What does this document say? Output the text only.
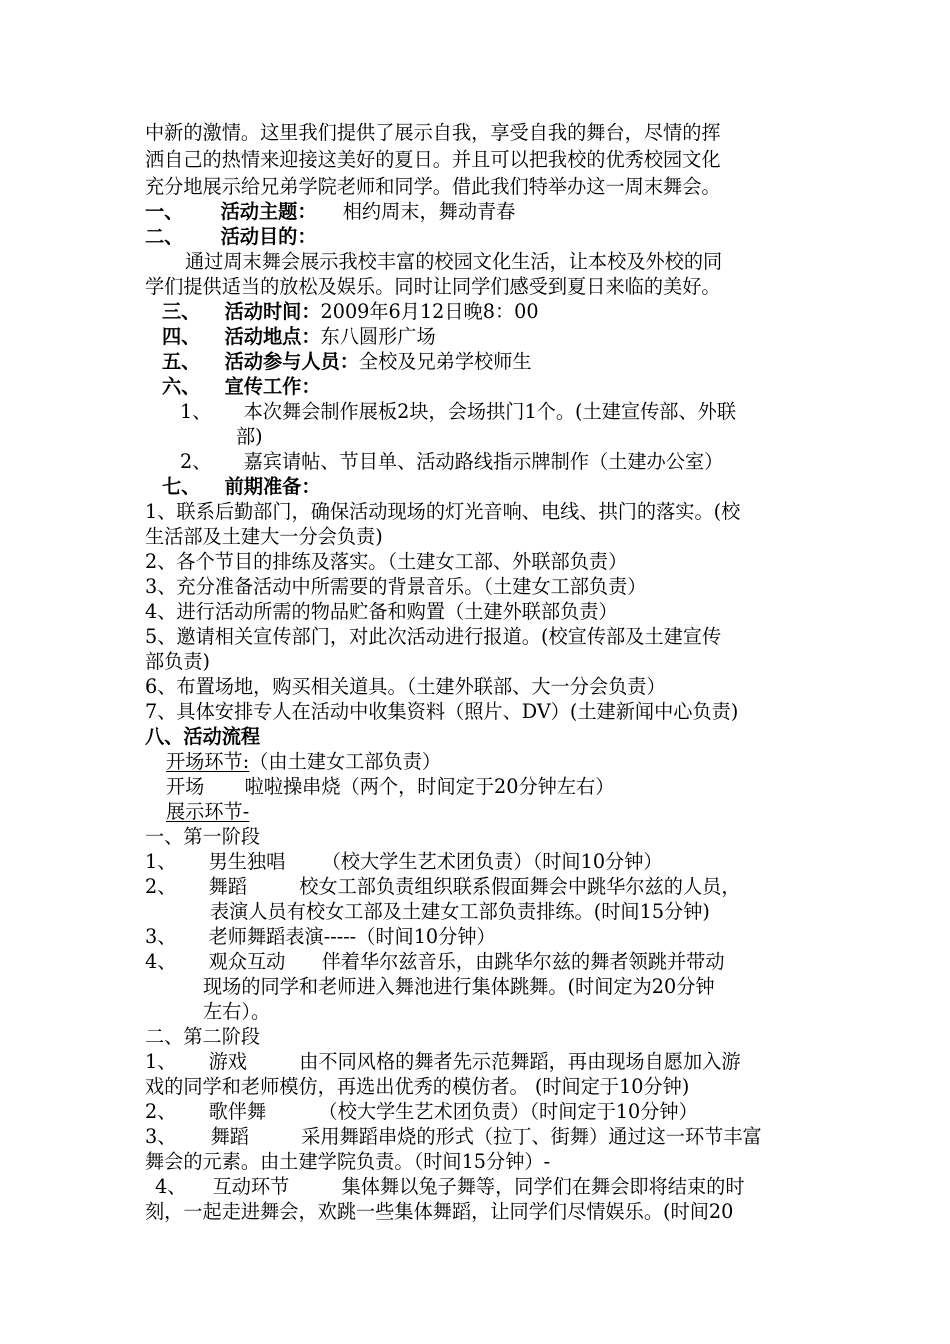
中新的激情。这里我们提供了展示自我，享受自我的舞台，尽情的挥
洒自己的热情来迎接这美好的夏日。并且可以把我校的优秀校园文化
充分地展示给兄弟学院老师和同学。借此我们特举办这一周末舞会。
一、 活动主题： 相约周末，舞动青春
二、 活动目的：
通过周末舞会展示我校丰富的校园文化生活，让本校及外校的同
学们提供适当的放松及娱乐。同时让同学们感受到夏日来临的美好。
三、 活动时间：2009年6月12日晚8：00
四、 活动地点：东八圆形广场
五、 活动参与人员：全校及兄弟学校师生
六、 宣传工作：
1、 本次舞会制作展板2块，会场拱门1个。(土建宣传部、外联
部)
2、 嘉宾请帖、节目单、活动路线指示牌制作（土建办公室）
七、 前期准备：
1、联系后勤部门，确保活动现场的灯光音响、电线、拱门的落实。(校
生活部及土建大一分会负责)
2、各个节目的排练及落实。（土建女工部、外联部负责）
3、充分准备活动中所需要的背景音乐。（土建女工部负责）
4、进行活动所需的物品贮备和购置（土建外联部负责）
5、邀请相关宣传部门，对此次活动进行报道。(校宣传部及土建宣传
部负责)
6、布置场地，购买相关道具。（土建外联部、大一分会负责）
7、具体安排专人在活动中收集资料（照片、DV）(土建新闻中心负责)
八、活动流程
开场环节:（由土建女工部负责）
开场 啦啦操串烧（两个，时间定于20分钟左右）
展示环节-
一、第一阶段
1、 男生独唱 （校大学生艺术团负责）（时间10分钟）
2、 舞蹈	校女工部负责组织联系假面舞会中跳华尔兹的人员，
表演人员有校女工部及土建女工部负责排练。(时间15分钟)
3、 老师舞蹈表演-----（时间10分钟）
4、 观众互动 伴着华尔兹音乐，由跳华尔兹的舞者领跳并带动
现场的同学和老师进入舞池进行集体跳舞。(时间定为20分钟
左右）。
二、第二阶段
1、 游戏	由不同风格的舞者先示范舞蹈，再由现场自愿加入游
戏的同学和老师模仿，再选出优秀的模仿者。 (时间定于10分钟)
2、 歌伴舞	（校大学生艺术团负责）（时间定于10分钟）
3、 舞蹈	采用舞蹈串烧的形式（拉丁、街舞）通过这一环节丰富
舞会的元素。由土建学院负责。（时间15分钟）-
4、 互动环节	集体舞以兔子舞等，同学们在舞会即将结束的时
刻，一起走进舞会，欢跳一些集体舞蹈，让同学们尽情娱乐。(时间20
